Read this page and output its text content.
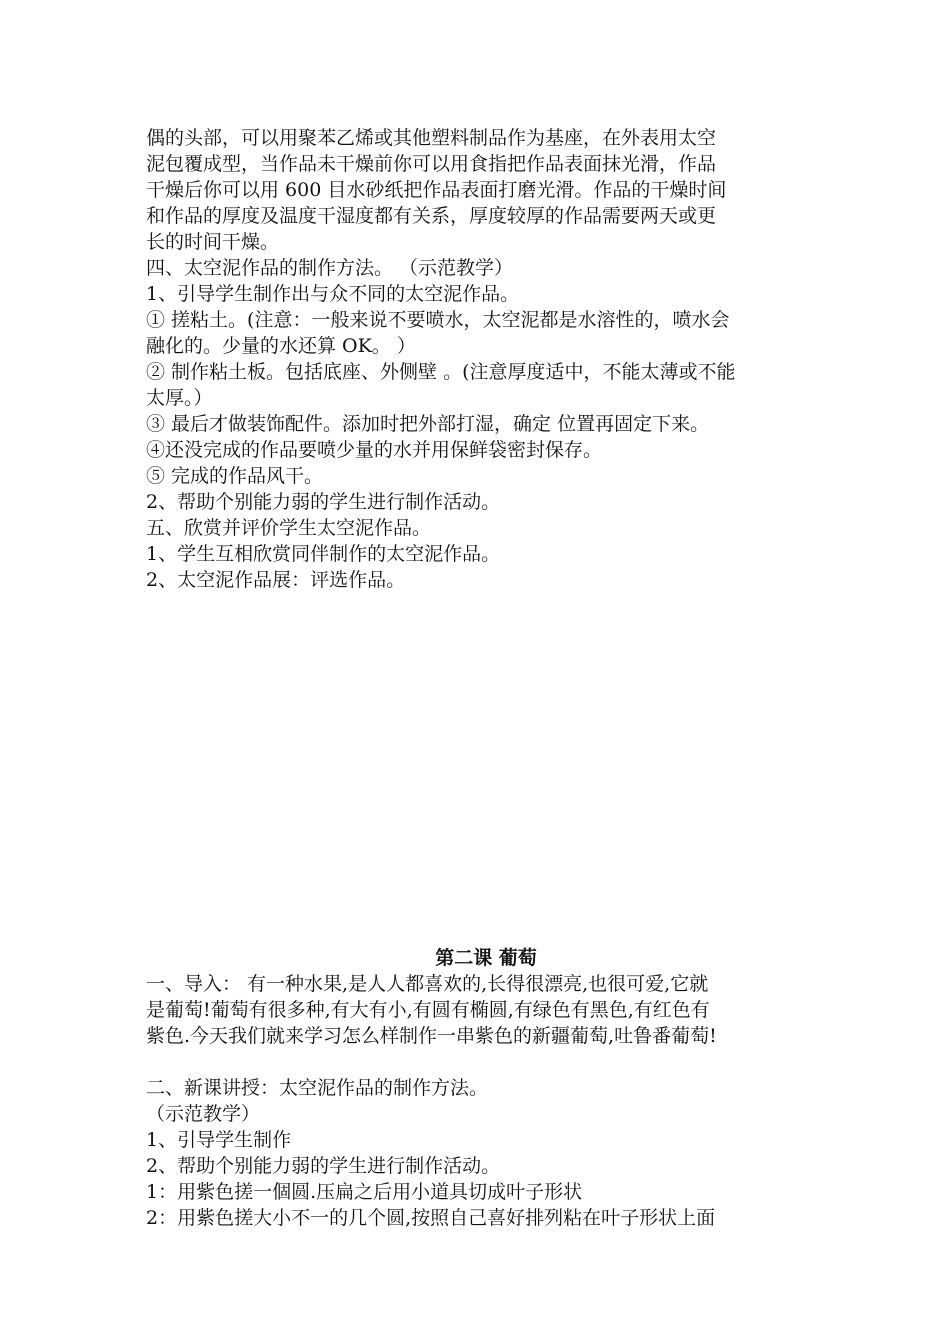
偶的头部，可以用聚苯乙烯或其他塑料制品作为基座，在外表用太空

泥包覆成型，当作品未干燥前你可以用食指把作品表面抹光滑，作品

干燥后你可以用 600 目水砂纸把作品表面打磨光滑。作品的干燥时间

和作品的厚度及温度干湿度都有关系，厚度较厚的作品需要两天或更

长的时间干燥。

四、太空泥作品的制作方法。 （示范教学）

1、引导学生制作出与众不同的太空泥作品。

① 搓粘土。(注意：一般来说不要喷水，太空泥都是水溶性的，喷水会

融化的。少量的水还算 OK。 ）

② 制作粘土板。包括底座、外侧壁 。(注意厚度适中，不能太薄或不能

太厚。）

③ 最后才做装饰配件。添加时把外部打湿，确定 位置再固定下来。

④还没完成的作品要喷少量的水并用保鲜袋密封保存。

⑤ 完成的作品风干。

2、帮助个别能力弱的学生进行制作活动。

五、欣赏并评价学生太空泥作品。

1、学生互相欣赏同伴制作的太空泥作品。

2、太空泥作品展：评选作品。

第二课 葡萄

一、导入： 有一种水果,是人人都喜欢的,长得很漂亮,也很可爱,它就

是葡萄!葡萄有很多种,有大有小,有圆有椭圆,有绿色有黑色,有红色有

紫色.今天我们就来学习怎么样制作一串紫色的新疆葡萄,吐鲁番葡萄!

二、新课讲授：太空泥作品的制作方法。

（示范教学）

1、引导学生制作

2、帮助个别能力弱的学生进行制作活动。

1：用紫色搓一個圆.压扁之后用小道具切成叶子形状

2：用紫色搓大小不一的几个圆,按照自己喜好排列粘在叶子形状上面
